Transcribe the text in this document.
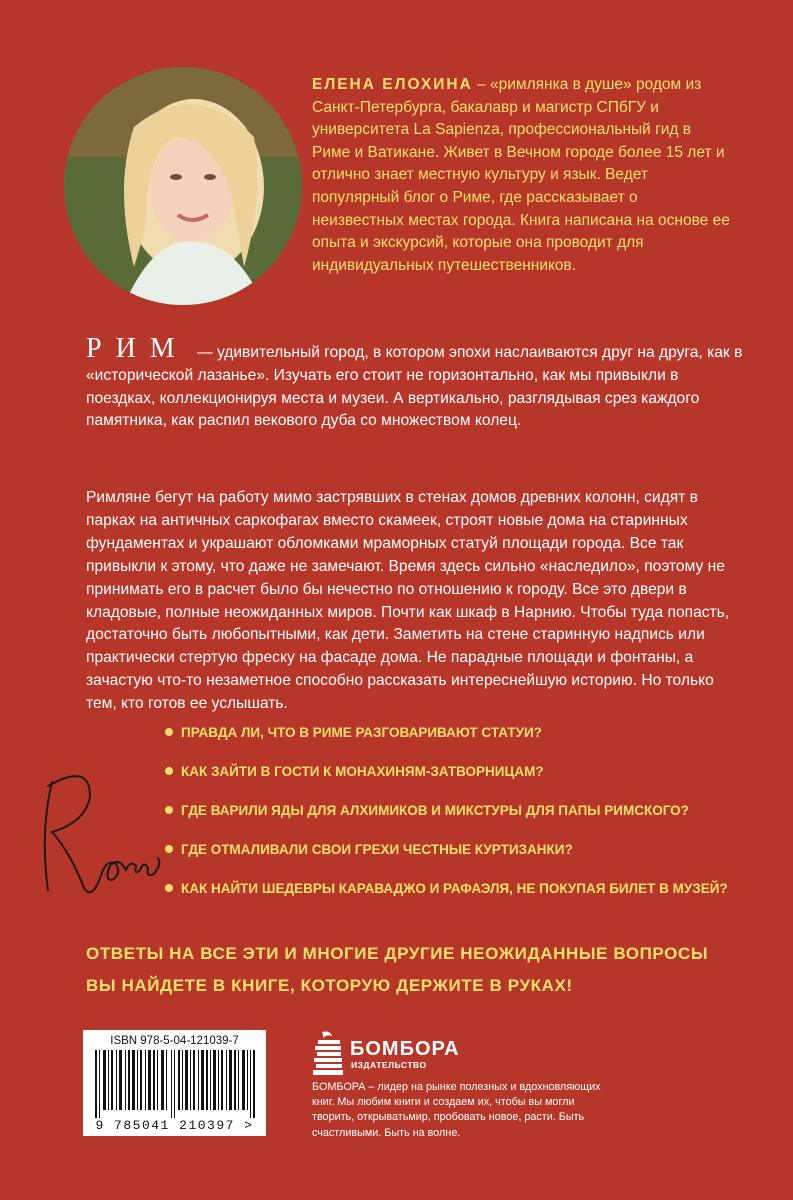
ЕЛЕНА ЕЛОХИНА – «римлянка в душе» родом из Санкт-Петербурга, бакалавр и магистр СПбГУ и университета La Sapienza, профессиональный гид в Риме и Ватикане. Живет в Вечном городе более 15 лет и отлично знает местную культуру и язык. Ведет популярный блог о Риме, где рассказывает о неизвестных местах города. Книга написана на основе ее опыта и экскурсий, которые она проводит для индивидуальных путешественников.
РИМ — удивительный город, в котором эпохи наслаиваются друг на друга, как в «исторической лазанье». Изучать его стоит не горизонтально, как мы привыкли в поездках, коллекционируя места и музеи. А вертикально, разглядывая срез каждого памятника, как распил векового дуба со множеством колец.
Римляне бегут на работу мимо застрявших в стенах домов древних колонн, сидят в парках на античных саркофагах вместо скамеек, строят новые дома на старинных фундаментах и украшают обломками мраморных статуй площади города. Все так привыкли к этому, что даже не замечают. Время здесь сильно «наследило», поэтому не принимать его в расчет было бы нечестно по отношению к городу. Все это двери в кладовые, полные неожиданных миров. Почти как шкаф в Нарнию. Чтобы туда попасть, достаточно быть любопытными, как дети. Заметить на стене старинную надпись или практически стертую фреску на фасаде дома. Не парадные площади и фонтаны, а зачастую что-то незаметное способно рассказать интереснейшую историю. Но только тем, кто готов ее услышать.
ПРАВДА ЛИ, ЧТО В РИМЕ РАЗГОВАРИВАЮТ СТАТУИ?
КАК ЗАЙТИ В ГОСТИ К МОНАХИНЯМ-ЗАТВОРНИЦАМ?
ГДЕ ВАРИЛИ ЯДЫ ДЛЯ АЛХИМИКОВ И МИКСТУРЫ ДЛЯ ПАПЫ РИМСКОГО?
ГДЕ ОТМАЛИВАЛИ СВОИ ГРЕХИ ЧЕСТНЫЕ КУРТИЗАНКИ?
КАК НАЙТИ ШЕДЕВРЫ КАРАВАДЖО И РАФАЭЛЯ, НЕ ПОКУПАЯ БИЛЕТ В МУЗЕЙ?
ОТВЕТЫ НА ВСЕ ЭТИ И МНОГИЕ ДРУГИЕ НЕОЖИДАННЫЕ ВОПРОСЫ
ВЫ НАЙДЕТЕ В КНИГЕ, КОТОРУЮ ДЕРЖИТЕ В РУКАХ!
ISBN 978-5-04-121039-7
9 785041 210397 >
БОМБОРА
ИЗДАТЕЛЬСТВО
БОМБОРА – лидер на рынке полезных и вдохновляющих книг. Мы любим книги и создаем их, чтобы вы могли творить, открыватьмир, пробовать новое, расти. Быть счастливыми. Быть на волне.
